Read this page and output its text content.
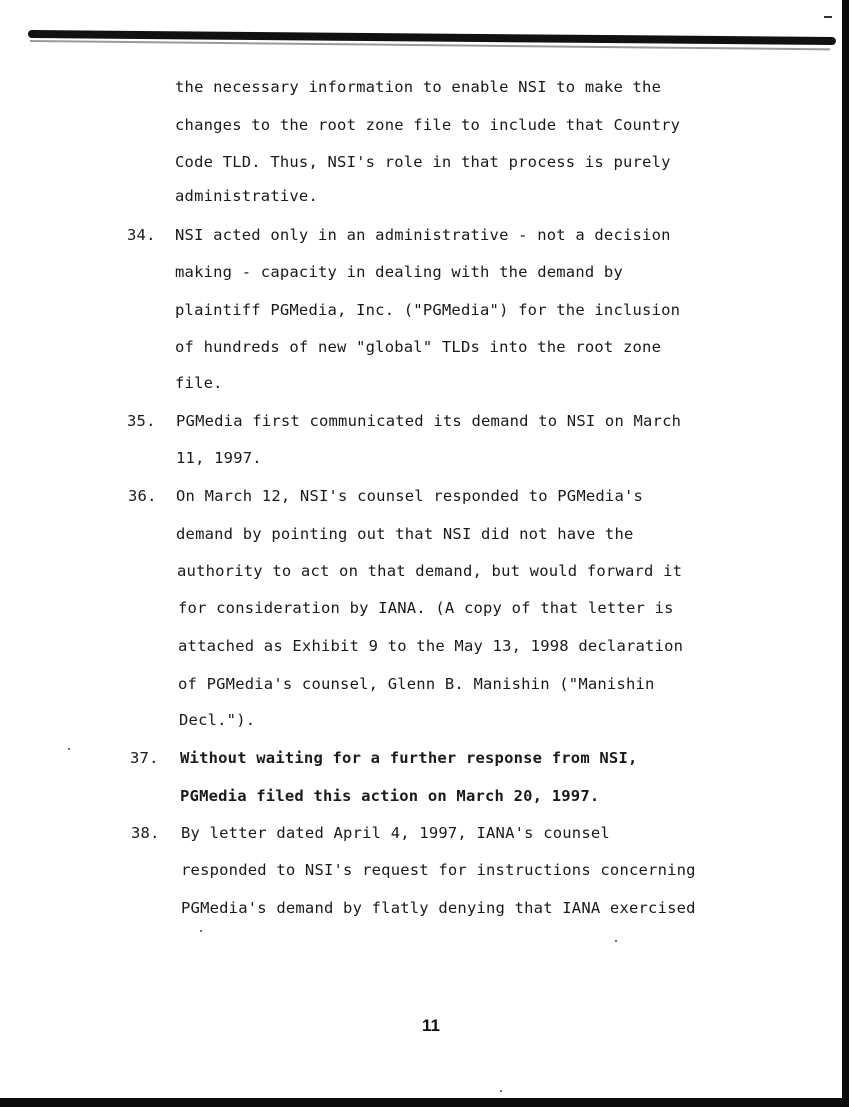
the necessary information to enable NSI to make the
changes to the root zone file to include that Country
Code TLD. Thus, NSI's role in that process is purely
administrative.
34. NSI acted only in an administrative - not a decision
making - capacity in dealing with the demand by
plaintiff PGMedia, Inc. ("PGMedia") for the inclusion
of hundreds of new "global" TLDs into the root zone
file.
35. PGMedia first communicated its demand to NSI on March
11, 1997.
36. On March 12, NSI's counsel responded to PGMedia's
demand by pointing out that NSI did not have the
authority to act on that demand, but would forward it
for consideration by IANA. (A copy of that letter is
attached as Exhibit 9 to the May 13, 1998 declaration
of PGMedia's counsel, Glenn B. Manishin ("Manishin
Decl.").
37. Without waiting for a further response from NSI,
PGMedia filed this action on March 20, 1997.
38. By letter dated April 4, 1997, IANA's counsel
responded to NSI's request for instructions concerning
PGMedia's demand by flatly denying that IANA exercised
11
